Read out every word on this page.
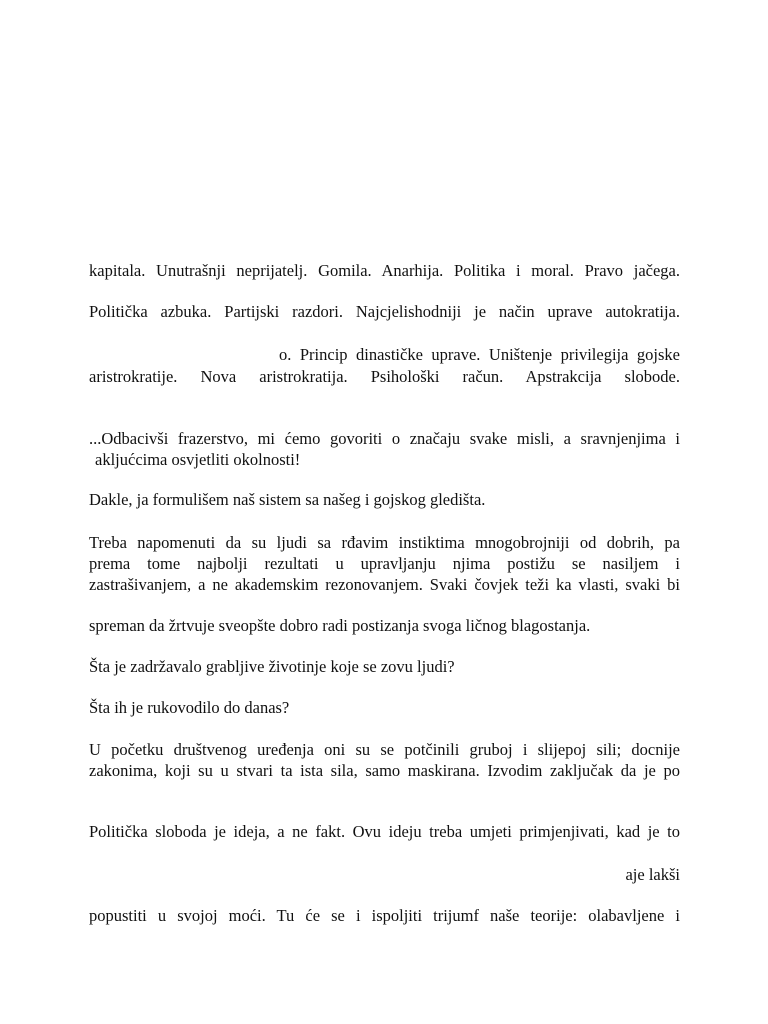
kapitala. Unutrašnji neprijatelj. Gomila. Anarhija. Politika i moral. Pravo jačega.
Politička azbuka. Partijski razdori. Najcjelishodniji je način uprave autokratija.
o. Princip dinastičke uprave. Uništenje privilegija gojske
aristrokratije. Nova aristrokratija. Psihološki račun. Apstrakcija slobode.
...Odbacivši frazerstvo, mi ćemo govoriti o značaju svake misli, a sravnjenjima i
akljućcima osvjetliti okolnosti!
Dakle, ja formulišem naš sistem sa našeg i gojskog gledišta.
Treba napomenuti da su ljudi sa rđavim instiktima mnogobrojniji od dobrih, pa
prema tome najbolji rezultati u upravljanju njima postižu se nasiljem i
zastrašivanjem, a ne akademskim rezonovanjem. Svaki čovjek teži ka vlasti, svaki bi
spreman da žrtvuje sveopšte dobro radi postizanja svoga ličnog blagostanja.
Šta je zadržavalo grabljive životinje koje se zovu ljudi?
Šta ih je rukovodilo do danas?
U početku društvenog uređenja oni su se potčinili gruboj i slijepoj sili; docnije
zakonima, koji su u stvari ta ista sila, samo maskirana. Izvodim zaključak da je po
Politička sloboda je ideja, a ne fakt. Ovu ideju treba umjeti primjenjivati, kad je to
aje lakši
popustiti u svojoj moći. Tu će se i ispoljiti trijumf naše teorije: olabavljene i
